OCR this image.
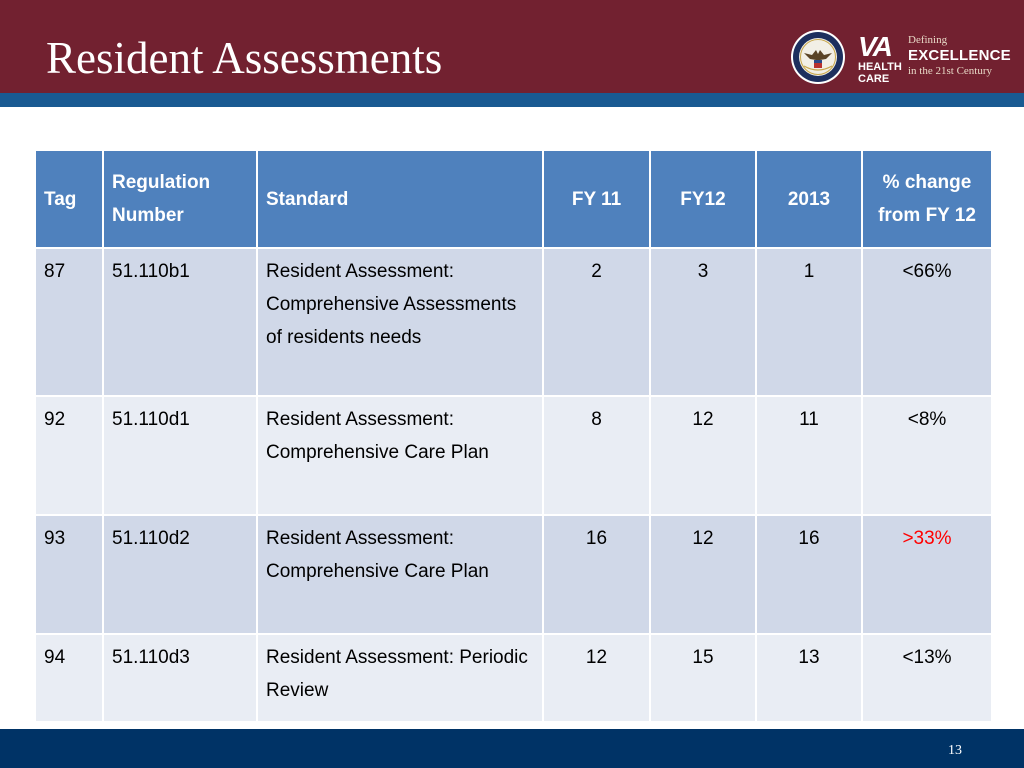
Resident Assessments	VA
HEALTH
CARE
Defining
EXCELLENCE
in the 21st Century
Tag	Regulation Number	Standard	FY 11	FY12	2013	% change from FY 12
87	51.110b1	Resident Assessment: Comprehensive Assessments of residents needs	2	3	1	<66%
92	51.110d1	Resident Assessment: Comprehensive Care Plan	8	12	11	<8%
93	51.110d2	Resident Assessment: Comprehensive Care Plan	16	12	16	>33%
94	51.110d3	Resident Assessment: Periodic Review	12	15	13	<13%
13
